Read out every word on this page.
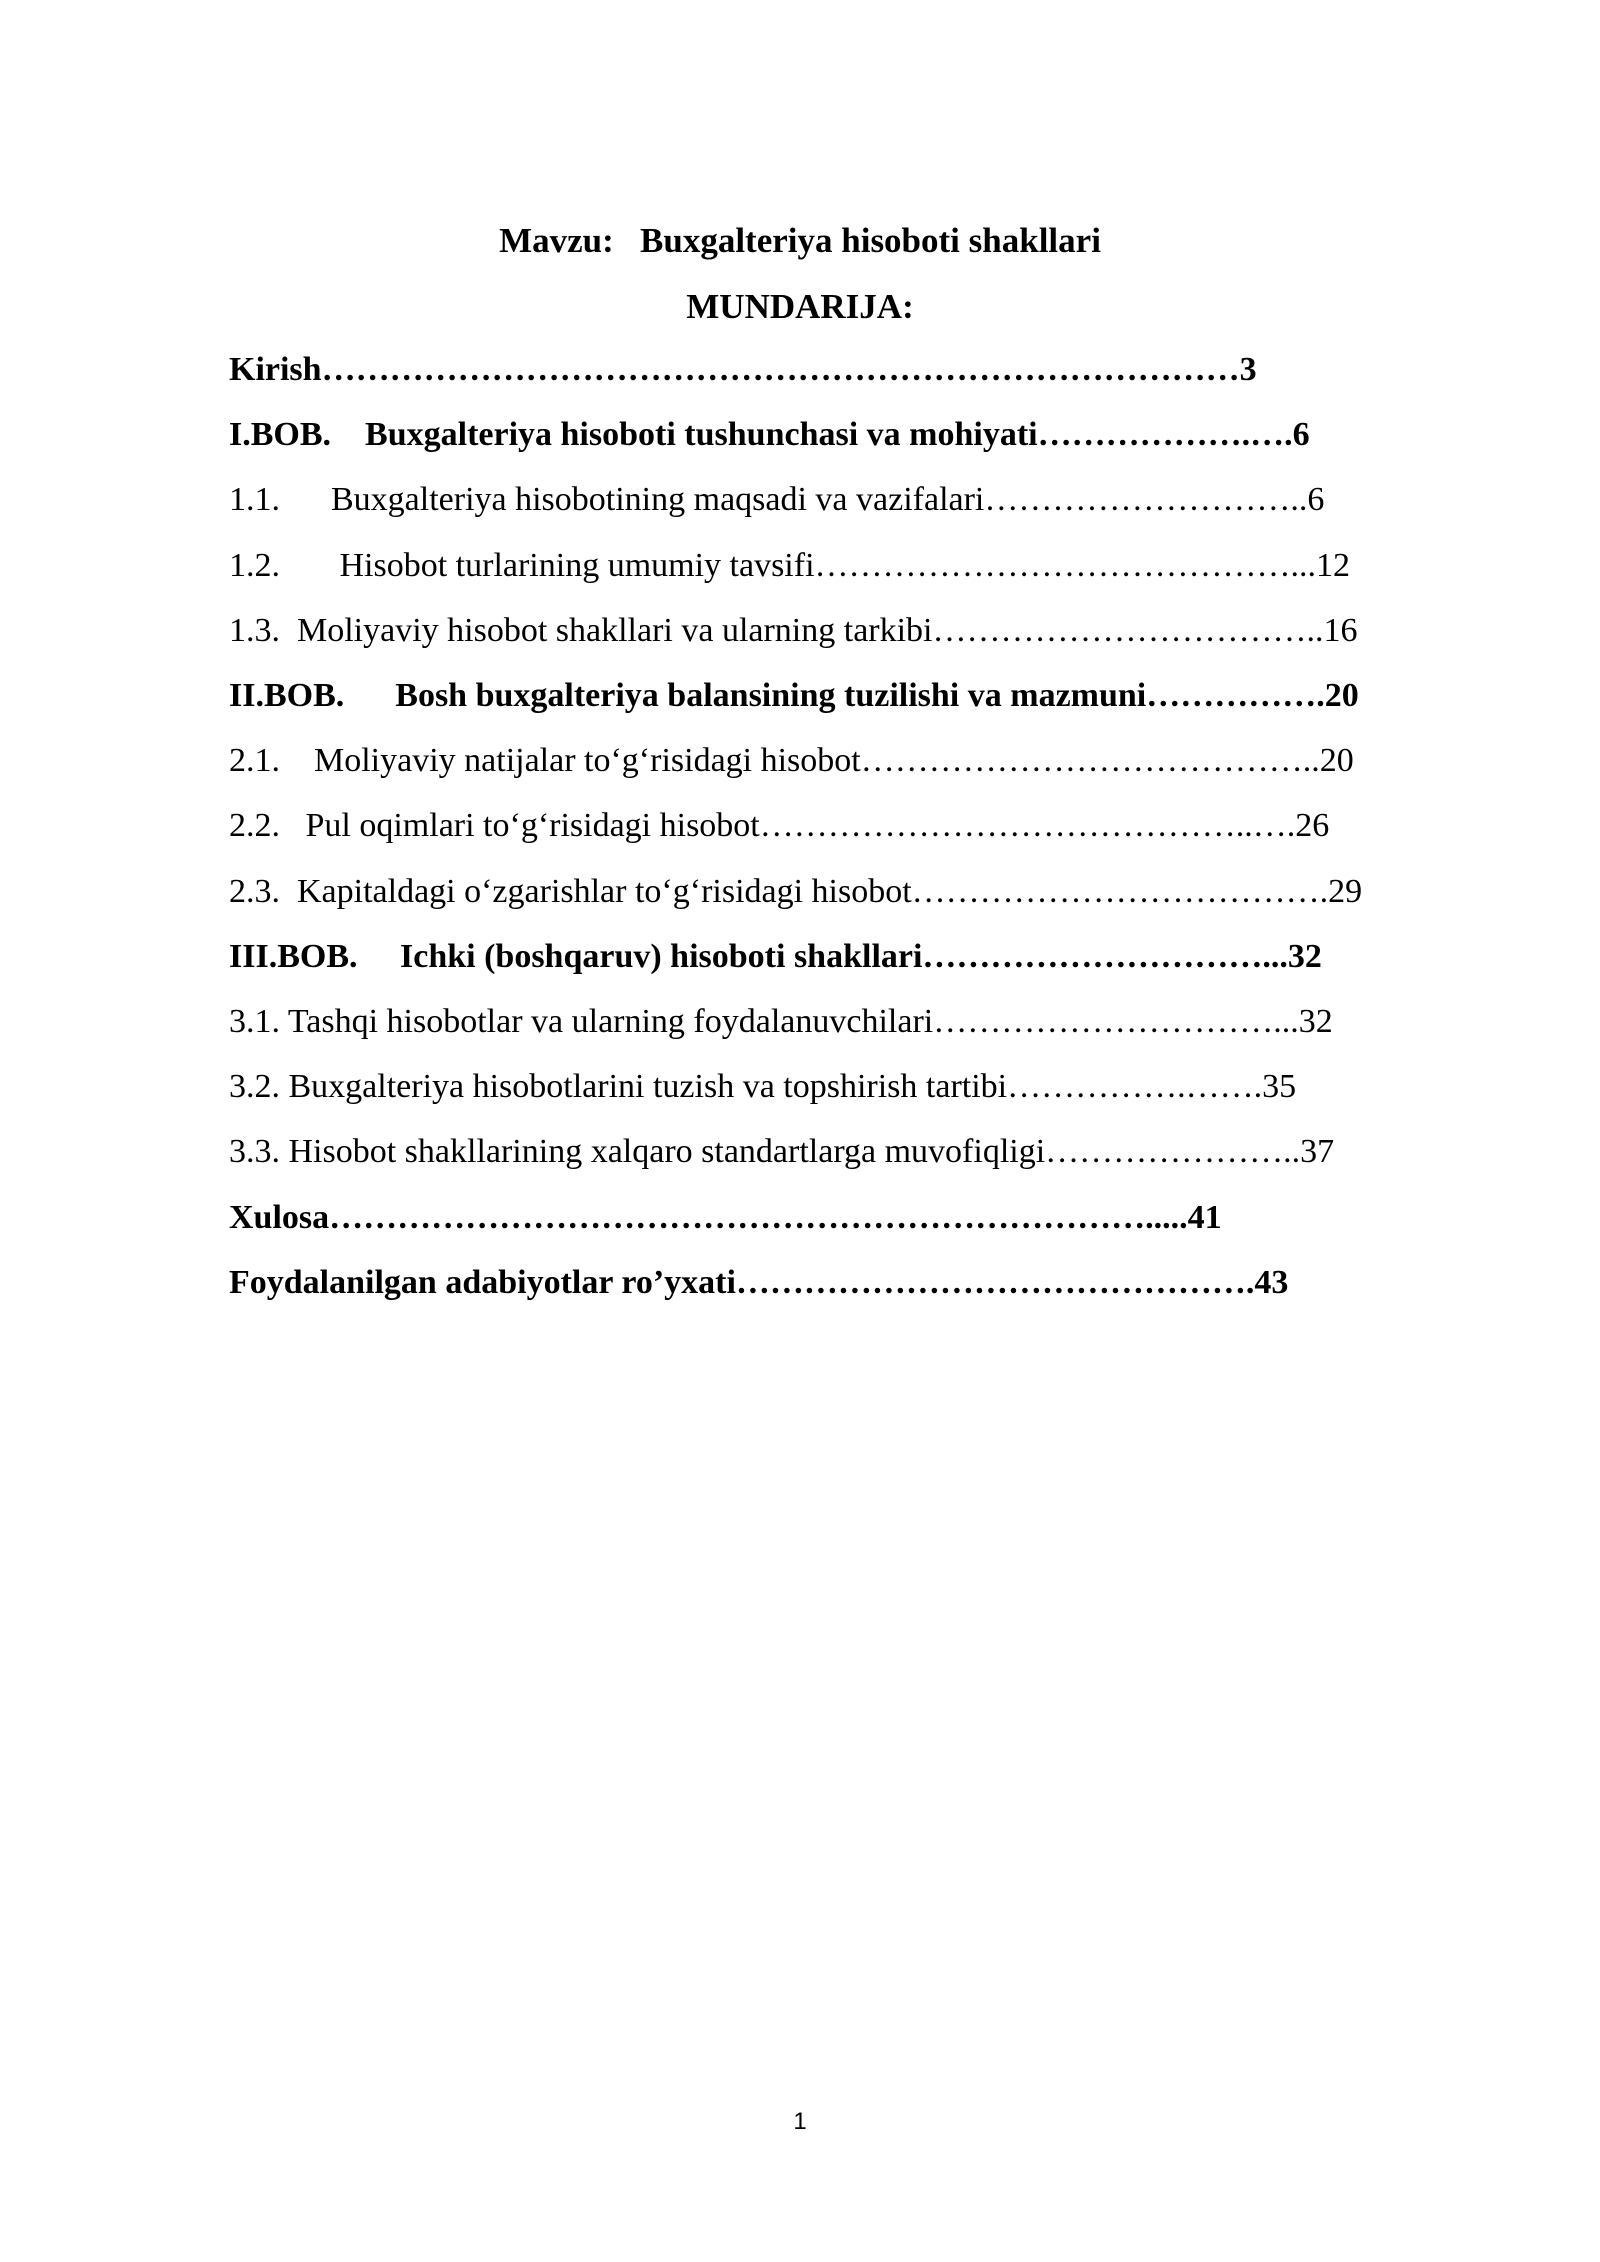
Mavzu:   Buxgalteriya hisoboti shakllari
MUNDARIJA:
Kirish………………………………………………………………………3
I.BOB.    Buxgalteriya hisoboti tushunchasi va mohiyati……………….….6
1.1.      Buxgalteriya hisobotining maqsadi va vazifalari………………………..6
1.2.       Hisobot turlarining umumiy tavsifi……………………………………...12
1.3.  Moliyaviy hisobot shakllari va ularning tarkibi……………………………..16
II.BOB.      Bosh buxgalteriya balansining tuzilishi va mazmuni…………….20
2.1.    Moliyaviy natijalar to‘g‘risidagi hisobot…………………………………..20
2.2.   Pul oqimlari to‘g‘risidagi hisobot……………………………………..….26
2.3.  Kapitaldagi o‘zgarishlar to‘g‘risidagi hisobot……………………………….29
III.BOB.     Ichki (boshqaruv) hisoboti shakllari…………………………...32
3.1. Tashqi hisobotlar va ularning foydalanuvchilari…………………………...32
3.2. Buxgalteriya hisobotlarini tuzish va topshirish tartibi…………….…….35
3.3. Hisobot shakllarining xalqaro standartlarga muvofiqligi…………………..37
Xulosa……………………………………………………………….....41
Foydalanilgan adabiyotlar ro’yxati……………………………………….43
1
